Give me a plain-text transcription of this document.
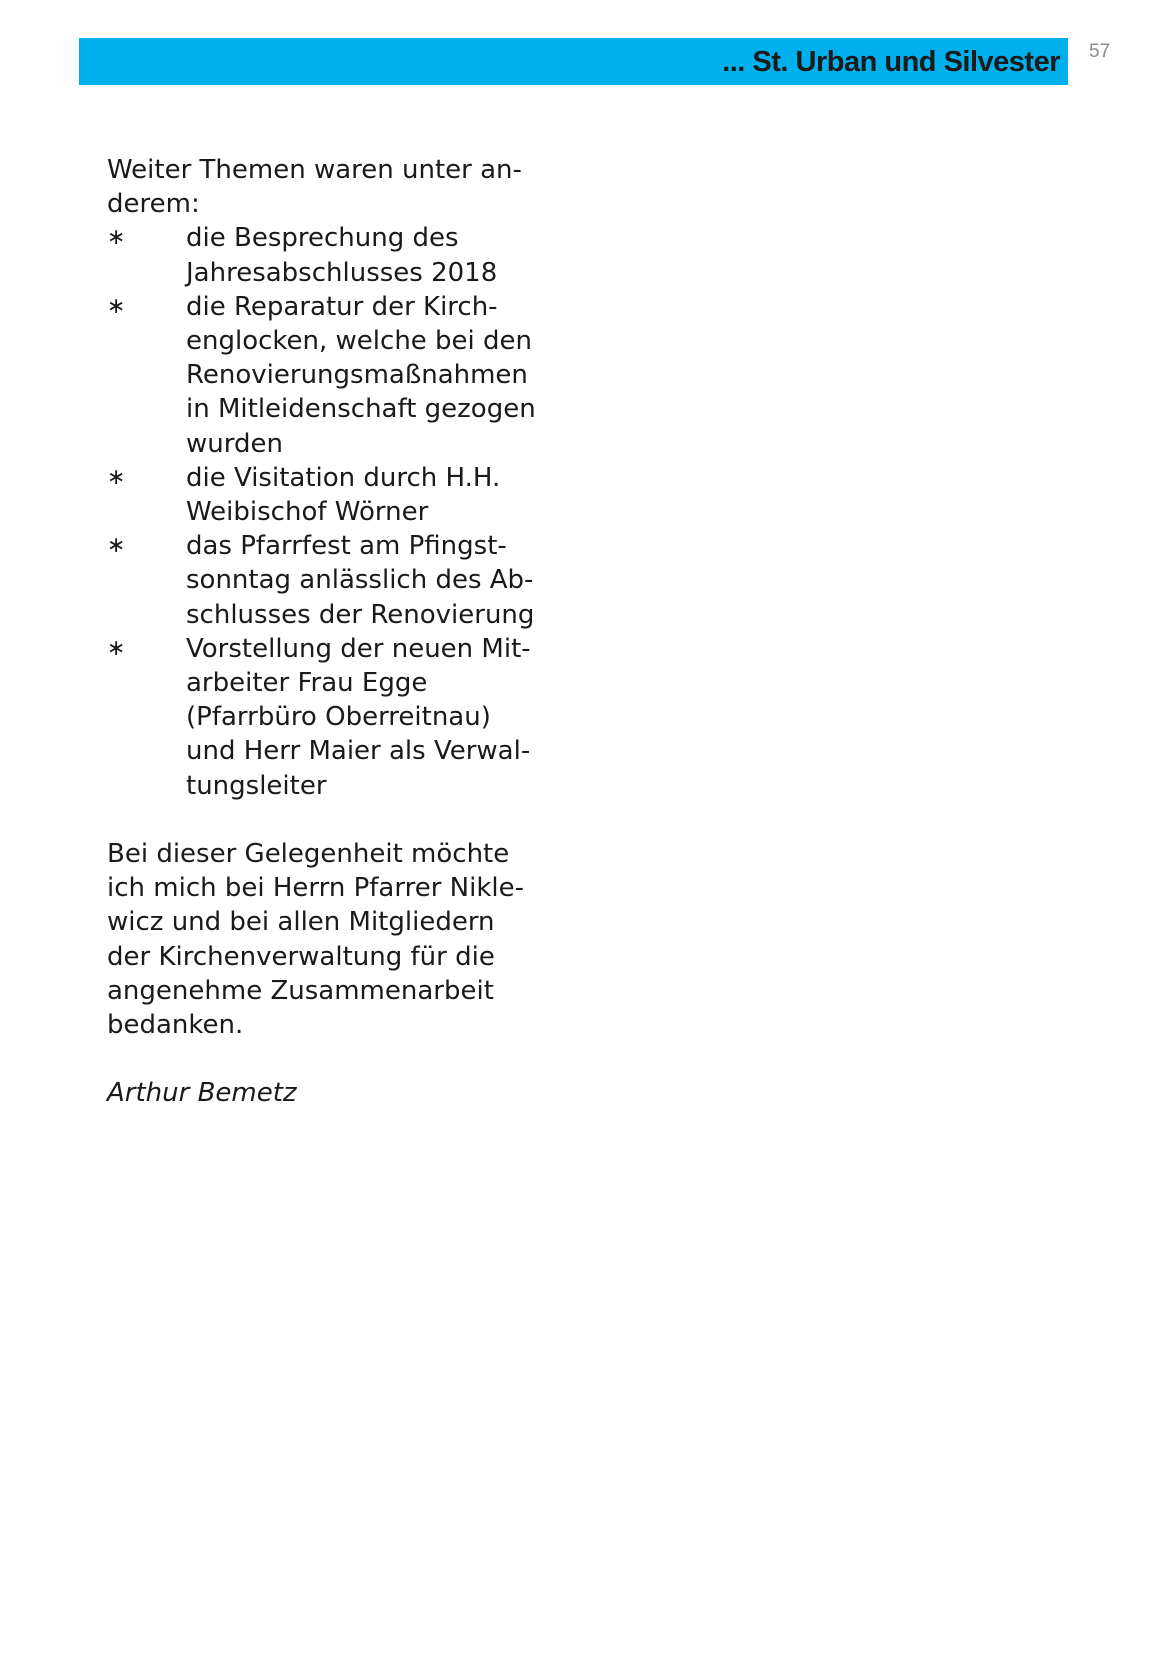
... St. Urban und Silvester 57

Weiter Themen waren unter an-
derem:

∗ die Besprechung des
Jahresabschlusses 2018
∗ die Reparatur der Kirch-
englocken, welche bei den
Renovierungsmaßnahmen
in Mitleidenschaft gezogen
wurden
∗ die Visitation durch H.H.
Weibischof Wörner
∗ das Pfarrfest am Pfingst-
sonntag anlässlich des Ab-
schlusses der Renovierung
∗ Vorstellung der neuen Mit-
arbeiter Frau Egge
(Pfarrbüro Oberreitnau)
und Herr Maier als Verwal-
tungsleiter

Bei dieser Gelegenheit möchte
ich mich bei Herrn Pfarrer Nikle-
wicz und bei allen Mitgliedern
der Kirchenverwaltung für die
angenehme Zusammenarbeit
bedanken.

Arthur Bemetz
